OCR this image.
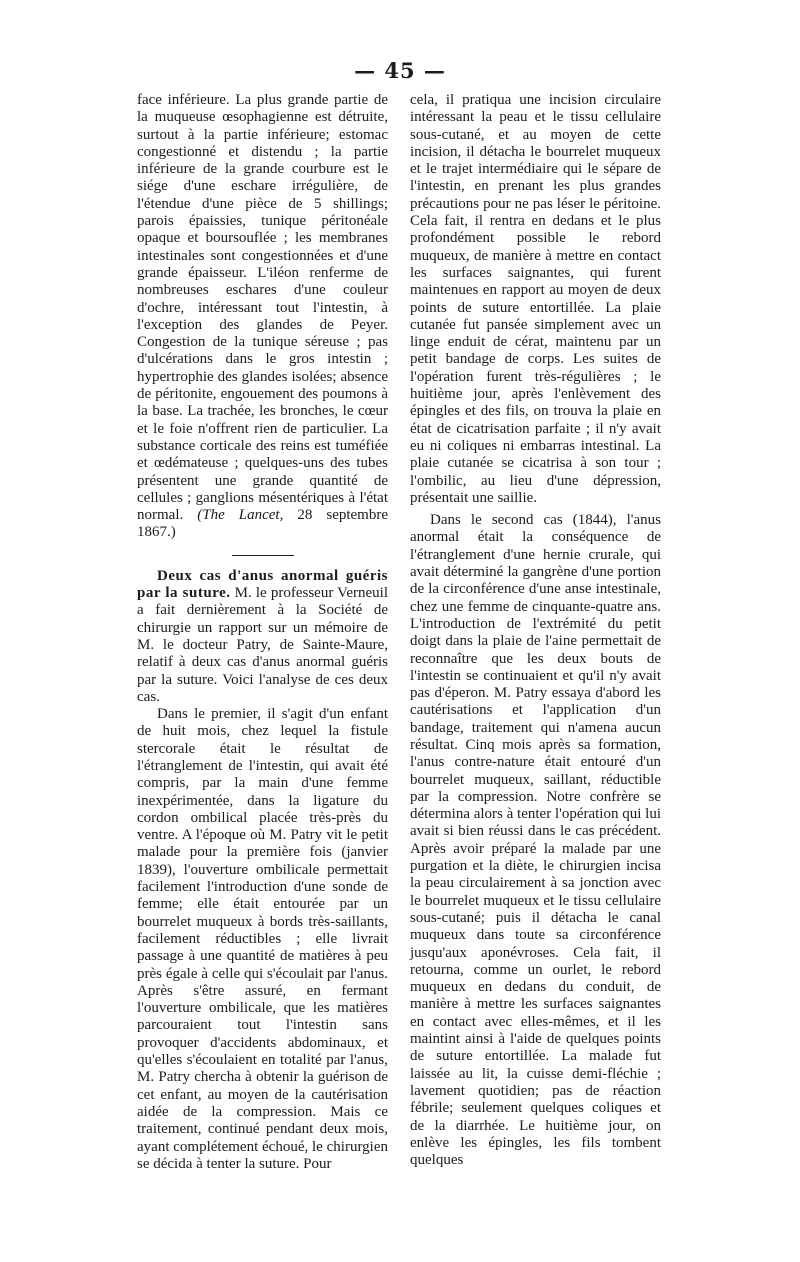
— 45 —

face inférieure. La plus grande partie de la muqueuse œsophagienne est détruite, surtout à la partie inférieure; estomac congestionné et distendu ; la partie inférieure de la grande courbure est le siége d'une eschare irrégulière, de l'étendue d'une pièce de 5 shillings; parois épaissies, tunique péritonéale opaque et boursouflée ; les membranes intestinales sont congestionnées et d'une grande épaisseur. L'iléon renferme de nombreuses eschares d'une couleur d'ochre, intéressant tout l'intestin, à l'exception des glandes de Peyer. Congestion de la tunique séreuse ; pas d'ulcérations dans le gros intestin ; hypertrophie des glandes isolées; absence de péritonite, engouement des poumons à la base. La trachée, les bronches, le cœur et le foie n'offrent rien de particulier. La substance corticale des reins est tuméfiée et œdémateuse ; quelques-uns des tubes présentent une grande quantité de cellules ; ganglions mésentériques à l'état normal. (The Lancet, 28 septembre 1867.)

Deux cas d'anus anormal guéris par la suture. M. le professeur Verneuil a fait dernièrement à la Société de chirurgie un rapport sur un mémoire de M. le docteur Patry, de Sainte-Maure, relatif à deux cas d'anus anormal guéris par la suture. Voici l'analyse de ces deux cas.

Dans le premier, il s'agit d'un enfant de huit mois, chez lequel la fistule stercorale était le résultat de l'étranglement de l'intestin, qui avait été compris, par la main d'une femme inexpérimentée, dans la ligature du cordon ombilical placée très-près du ventre. A l'époque où M. Patry vit le petit malade pour la première fois (janvier 1839), l'ouverture ombilicale permettait facilement l'introduction d'une sonde de femme; elle était entourée par un bourrelet muqueux à bords très-saillants, facilement réductibles ; elle livrait passage à une quantité de matières à peu près égale à celle qui s'écoulait par l'anus. Après s'être assuré, en fermant l'ouverture ombilicale, que les matières parcouraient tout l'intestin sans provoquer d'accidents abdominaux, et qu'elles s'écoulaient en totalité par l'anus, M. Patry chercha à obtenir la guérison de cet enfant, au moyen de la cautérisation aidée de la compression. Mais ce traitement, continué pendant deux mois, ayant complétement échoué, le chirurgien se décida à tenter la suture. Pour

cela, il pratiqua une incision circulaire intéressant la peau et le tissu cellulaire sous-cutané, et au moyen de cette incision, il détacha le bourrelet muqueux et le trajet intermédiaire qui le sépare de l'intestin, en prenant les plus grandes précautions pour ne pas léser le péritoine. Cela fait, il rentra en dedans et le plus profondément possible le rebord muqueux, de manière à mettre en contact les surfaces saignantes, qui furent maintenues en rapport au moyen de deux points de suture entortillée. La plaie cutanée fut pansée simplement avec un linge enduit de cérat, maintenu par un petit bandage de corps. Les suites de l'opération furent très-régulières ; le huitième jour, après l'enlèvement des épingles et des fils, on trouva la plaie en état de cicatrisation parfaite ; il n'y avait eu ni coliques ni embarras intestinal. La plaie cutanée se cicatrisa à son tour ; l'ombilic, au lieu d'une dépression, présentait une saillie.

Dans le second cas (1844), l'anus anormal était la conséquence de l'étranglement d'une hernie crurale, qui avait déterminé la gangrène d'une portion de la circonférence d'une anse intestinale, chez une femme de cinquante-quatre ans. L'introduction de l'extrémité du petit doigt dans la plaie de l'aine permettait de reconnaître que les deux bouts de l'intestin se continuaient et qu'il n'y avait pas d'éperon. M. Patry essaya d'abord les cautérisations et l'application d'un bandage, traitement qui n'amena aucun résultat. Cinq mois après sa formation, l'anus contre-nature était entouré d'un bourrelet muqueux, saillant, réductible par la compression. Notre confrère se détermina alors à tenter l'opération qui lui avait si bien réussi dans le cas précédent. Après avoir préparé la malade par une purgation et la diète, le chirurgien incisa la peau circulairement à sa jonction avec le bourrelet muqueux et le tissu cellulaire sous-cutané; puis il détacha le canal muqueux dans toute sa circonférence jusqu'aux aponévroses. Cela fait, il retourna, comme un ourlet, le rebord muqueux en dedans du conduit, de manière à mettre les surfaces saignantes en contact avec elles-mêmes, et il les maintint ainsi à l'aide de quelques points de suture entortillée. La malade fut laissée au lit, la cuisse demi-fléchie ; lavement quotidien; pas de réaction fébrile; seulement quelques coliques et de la diarrhée. Le huitième jour, on enlève les épingles, les fils tombent quelques
